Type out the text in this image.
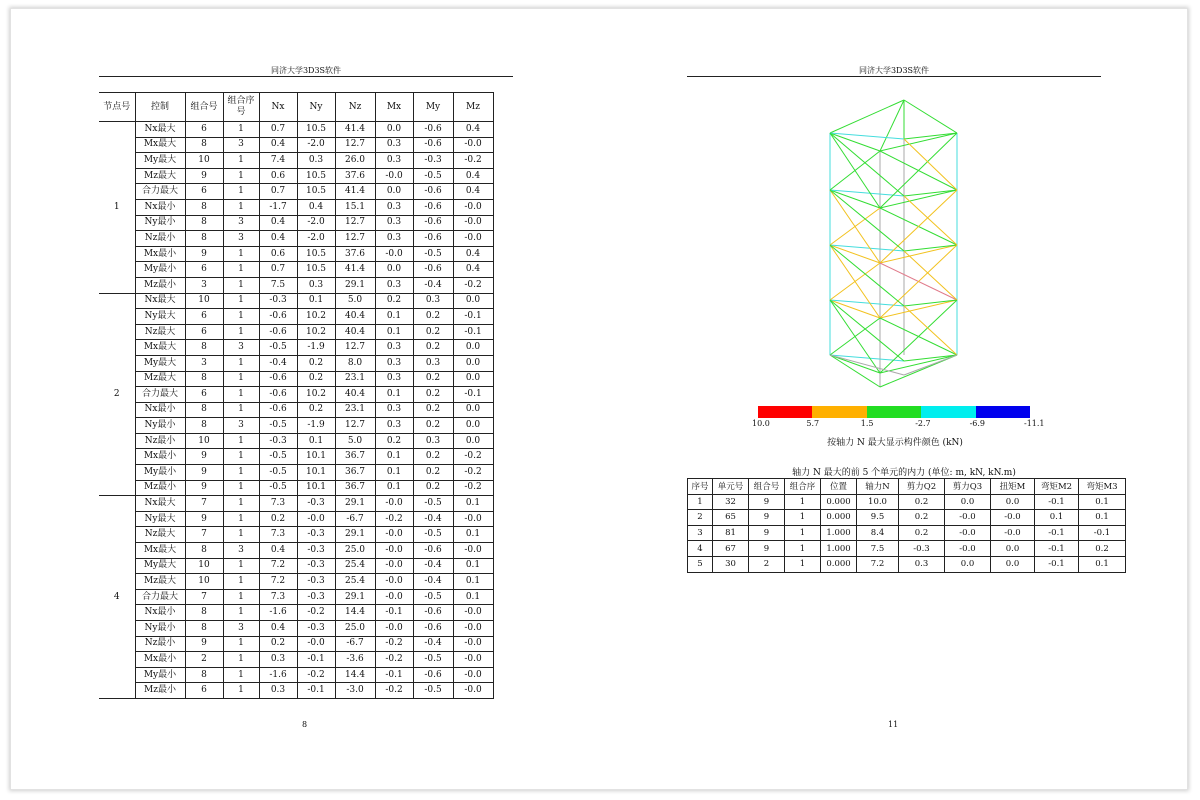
同济大学3D3S软件
节点号	控制	组合号	组合序号	Nx	Ny	Nz	Mx	My	Mz
1	Nx最大	6	1	0.7	10.5	41.4	0.0	-0.6	0.4
	Mx最大	8	3	0.4	-2.0	12.7	0.3	-0.6	-0.0
	My最大	10	1	7.4	0.3	26.0	0.3	-0.3	-0.2
	Mz最大	9	1	0.6	10.5	37.6	-0.0	-0.5	0.4
	合力最大	6	1	0.7	10.5	41.4	0.0	-0.6	0.4
	Nx最小	8	1	-1.7	0.4	15.1	0.3	-0.6	-0.0
	Ny最小	8	3	0.4	-2.0	12.7	0.3	-0.6	-0.0
	Nz最小	8	3	0.4	-2.0	12.7	0.3	-0.6	-0.0
	Mx最小	9	1	0.6	10.5	37.6	-0.0	-0.5	0.4
	My最小	6	1	0.7	10.5	41.4	0.0	-0.6	0.4
	Mz最小	3	1	7.5	0.3	29.1	0.3	-0.4	-0.2
2	Nx最大	10	1	-0.3	0.1	5.0	0.2	0.3	0.0
	Ny最大	6	1	-0.6	10.2	40.4	0.1	0.2	-0.1
	Nz最大	6	1	-0.6	10.2	40.4	0.1	0.2	-0.1
	Mx最大	8	3	-0.5	-1.9	12.7	0.3	0.2	0.0
	My最大	3	1	-0.4	0.2	8.0	0.3	0.3	0.0
	Mz最大	8	1	-0.6	0.2	23.1	0.3	0.2	0.0
	合力最大	6	1	-0.6	10.2	40.4	0.1	0.2	-0.1
	Nx最小	8	1	-0.6	0.2	23.1	0.3	0.2	0.0
	Ny最小	8	3	-0.5	-1.9	12.7	0.3	0.2	0.0
	Nz最小	10	1	-0.3	0.1	5.0	0.2	0.3	0.0
	Mx最小	9	1	-0.5	10.1	36.7	0.1	0.2	-0.2
	My最小	9	1	-0.5	10.1	36.7	0.1	0.2	-0.2
	Mz最小	9	1	-0.5	10.1	36.7	0.1	0.2	-0.2
4	Nx最大	7	1	7.3	-0.3	29.1	-0.0	-0.5	0.1
	Ny最大	9	1	0.2	-0.0	-6.7	-0.2	-0.4	-0.0
	Nz最大	7	1	7.3	-0.3	29.1	-0.0	-0.5	0.1
	Mx最大	8	3	0.4	-0.3	25.0	-0.0	-0.6	-0.0
	My最大	10	1	7.2	-0.3	25.4	-0.0	-0.4	0.1
	Mz最大	10	1	7.2	-0.3	25.4	-0.0	-0.4	0.1
	合力最大	7	1	7.3	-0.3	29.1	-0.0	-0.5	0.1
	Nx最小	8	1	-1.6	-0.2	14.4	-0.1	-0.6	-0.0
	Ny最小	8	3	0.4	-0.3	25.0	-0.0	-0.6	-0.0
	Nz最小	9	1	0.2	-0.0	-6.7	-0.2	-0.4	-0.0
	Mx最小	2	1	0.3	-0.1	-3.6	-0.2	-0.5	-0.0
	My最小	8	1	-1.6	-0.2	14.4	-0.1	-0.6	-0.0
	Mz最小	6	1	0.3	-0.1	-3.0	-0.2	-0.5	-0.0
8
同济大学3D3S软件
10.0	5.7	1.5	-2.7	-6.9	-11.1
按轴力 N 最大显示构件颜色 (kN)
轴力 N 最大的前 5 个单元的内力 (单位: m, kN, kN.m)
序号	单元号	组合号	组合序	位置	轴力N	剪力Q2	剪力Q3	扭矩M	弯矩M2	弯矩M3
1	32	9	1	0.000	10.0	0.2	0.0	0.0	-0.1	0.1
2	65	9	1	0.000	9.5	0.2	-0.0	-0.0	0.1	0.1
3	81	9	1	1.000	8.4	0.2	-0.0	-0.0	-0.1	-0.1
4	67	9	1	1.000	7.5	-0.3	-0.0	0.0	-0.1	0.2
5	30	2	1	0.000	7.2	0.3	0.0	0.0	-0.1	0.1
11
